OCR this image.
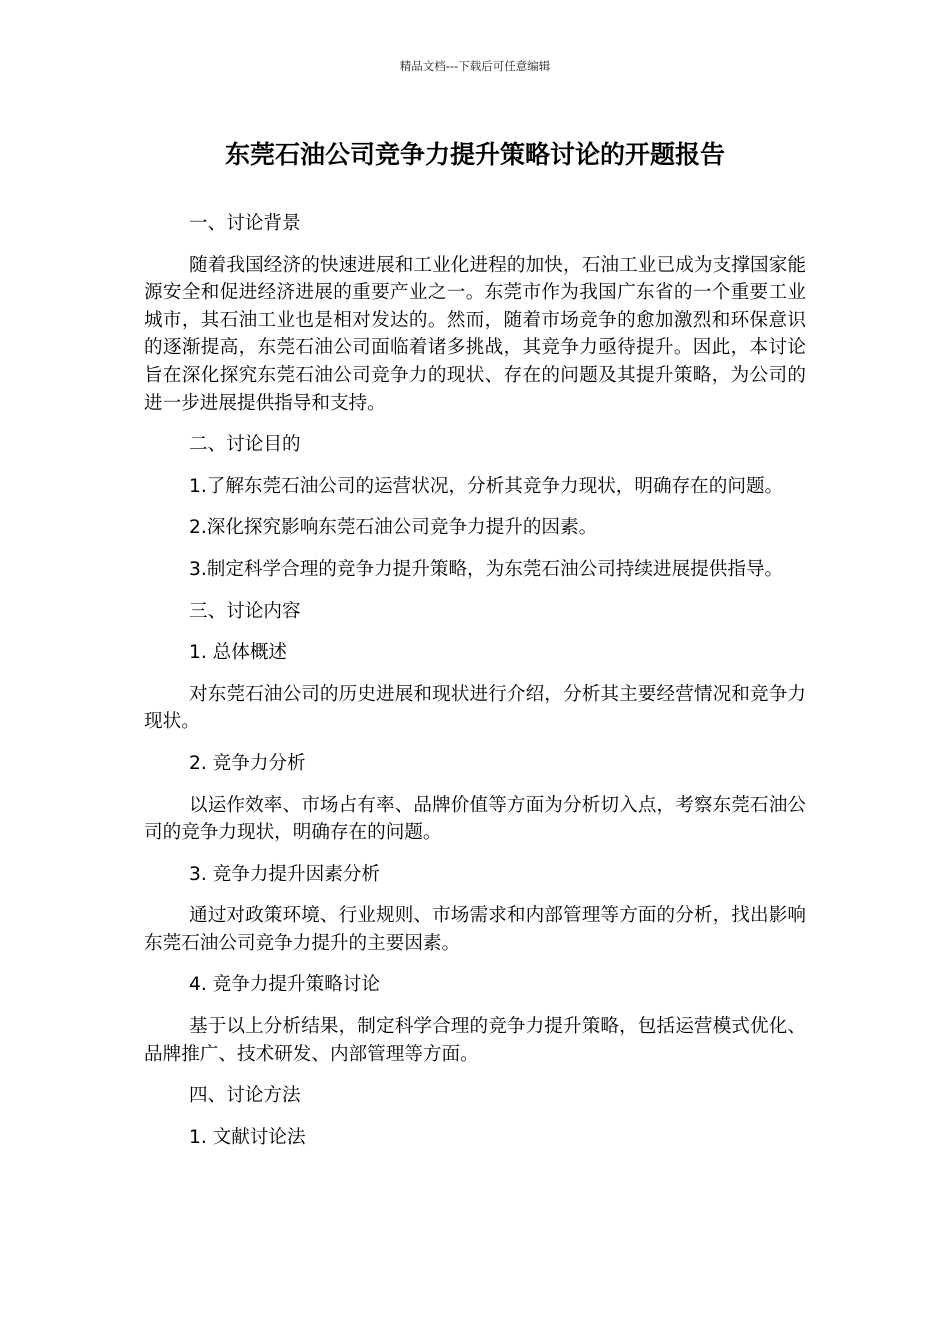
精品文档---下载后可任意编辑
东莞石油公司竞争力提升策略讨论的开题报告

一、讨论背景

随着我国经济的快速进展和工业化进程的加快，石油工业已成为支撑国家能源安全和促进经济进展的重要产业之一。东莞市作为我国广东省的一个重要工业城市，其石油工业也是相对发达的。然而，随着市场竞争的愈加激烈和环保意识的逐渐提高，东莞石油公司面临着诸多挑战，其竞争力亟待提升。因此，本讨论旨在深化探究东莞石油公司竞争力的现状、存在的问题及其提升策略，为公司的进一步进展提供指导和支持。

二、讨论目的

1.了解东莞石油公司的运营状况，分析其竞争力现状，明确存在的问题。

2.深化探究影响东莞石油公司竞争力提升的因素。

3.制定科学合理的竞争力提升策略，为东莞石油公司持续进展提供指导。

三、讨论内容

1. 总体概述

对东莞石油公司的历史进展和现状进行介绍，分析其主要经营情况和竞争力现状。

2. 竞争力分析

以运作效率、市场占有率、品牌价值等方面为分析切入点，考察东莞石油公司的竞争力现状，明确存在的问题。

3. 竞争力提升因素分析

通过对政策环境、行业规则、市场需求和内部管理等方面的分析，找出影响东莞石油公司竞争力提升的主要因素。

4. 竞争力提升策略讨论

基于以上分析结果，制定科学合理的竞争力提升策略，包括运营模式优化、品牌推广、技术研发、内部管理等方面。

四、讨论方法

1. 文献讨论法
